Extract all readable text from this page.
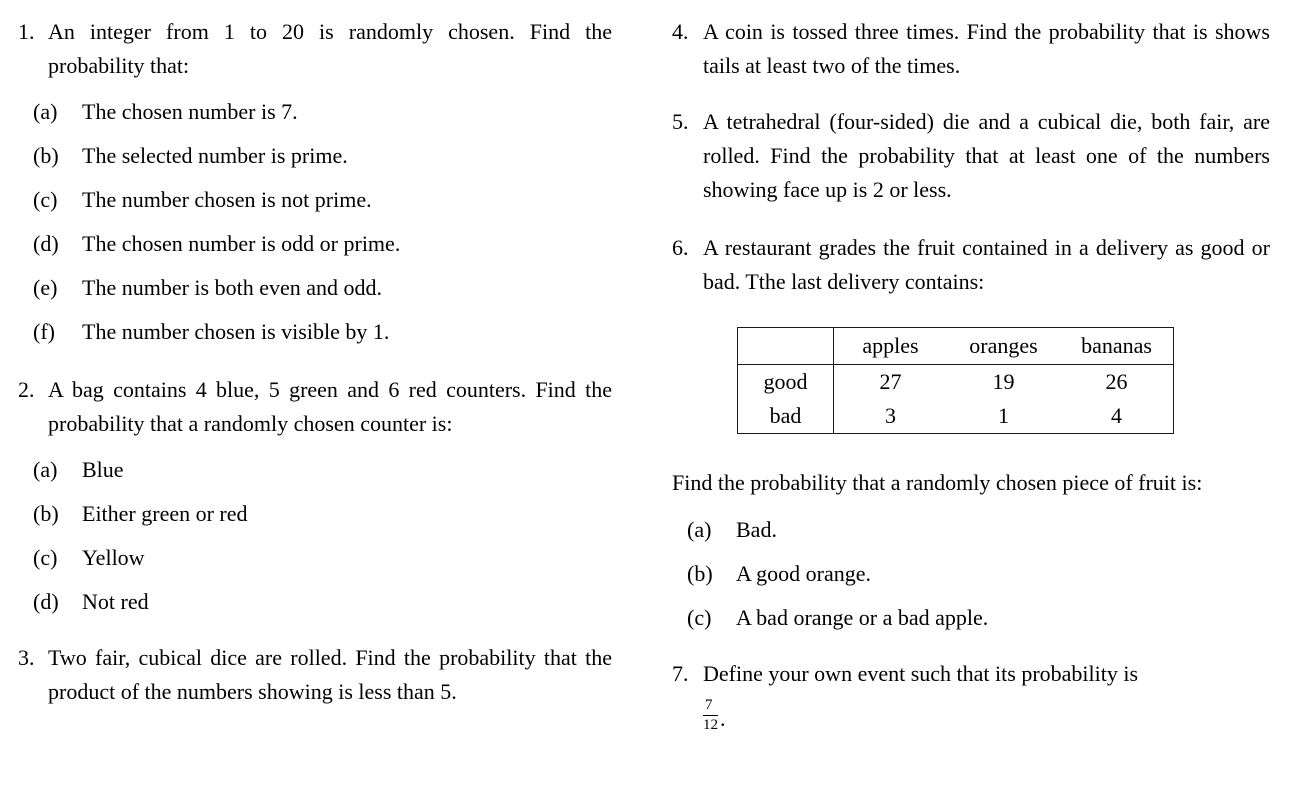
1. An integer from 1 to 20 is randomly chosen. Find the probability that:
(a)	The chosen number is 7.
(b)	The selected number is prime.
(c)	The number chosen is not prime.
(d)	The chosen number is odd or prime.
(e)	The number is both even and odd.
(f)	The number chosen is visible by 1.
2. A bag contains 4 blue, 5 green and 6 red counters. Find the probability that a randomly chosen counter is:
(a)	Blue
(b)	Either green or red
(c)	Yellow
(d)	Not red
3. Two fair, cubical dice are rolled. Find the probability that the product of the numbers showing is less than 5.
4. A coin is tossed three times. Find the probability that is shows tails at least two of the times.
5. A tetrahedral (four-sided) die and a cubical die, both fair, are rolled. Find the probability that at least one of the numbers showing face up is 2 or less.
6. A restaurant grades the fruit contained in a delivery as good or bad. Tthe last delivery contains:
	apples	oranges	bananas
good	27	19	26
bad	3	1	4
Find the probability that a randomly chosen piece of fruit is:
(a)	Bad.
(b)	A good orange.
(c)	A bad orange or a bad apple.
7. Define your own event such that its probability is
$\frac{7}{12}$ .
